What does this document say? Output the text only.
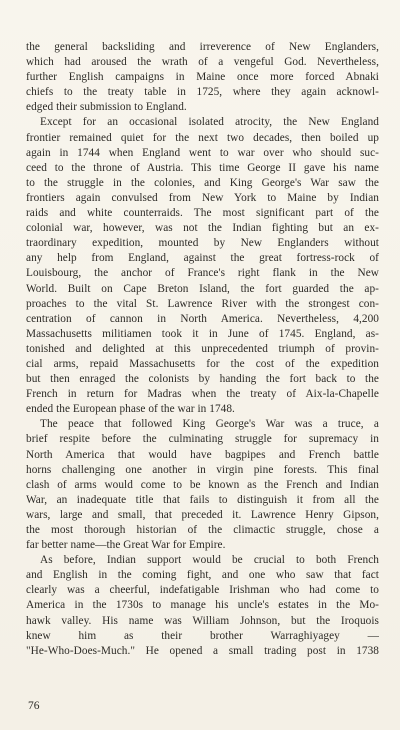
the general backsliding and irreverence of New Englanders,
which had aroused the wrath of a vengeful God. Nevertheless,
further English campaigns in Maine once more forced Abnaki
chiefs to the treaty table in 1725, where they again acknowl-
edged their submission to England.
Except for an occasional isolated atrocity, the New England
frontier remained quiet for the next two decades, then boiled up
again in 1744 when England went to war over who should suc-
ceed to the throne of Austria. This time George II gave his name
to the struggle in the colonies, and King George's War saw the
frontiers again convulsed from New York to Maine by Indian
raids and white counterraids. The most significant part of the
colonial war, however, was not the Indian fighting but an ex-
traordinary expedition, mounted by New Englanders without
any help from England, against the great fortress-rock of
Louisbourg, the anchor of France's right flank in the New
World. Built on Cape Breton Island, the fort guarded the ap-
proaches to the vital St. Lawrence River with the strongest con-
centration of cannon in North America. Nevertheless, 4,200
Massachusetts militiamen took it in June of 1745. England, as-
tonished and delighted at this unprecedented triumph of provin-
cial arms, repaid Massachusetts for the cost of the expedition
but then enraged the colonists by handing the fort back to the
French in return for Madras when the treaty of Aix-la-Chapelle
ended the European phase of the war in 1748.
The peace that followed King George's War was a truce, a
brief respite before the culminating struggle for supremacy in
North America that would have bagpipes and French battle
horns challenging one another in virgin pine forests. This final
clash of arms would come to be known as the French and Indian
War, an inadequate title that fails to distinguish it from all the
wars, large and small, that preceded it. Lawrence Henry Gipson,
the most thorough historian of the climactic struggle, chose a
far better name—the Great War for Empire.
As before, Indian support would be crucial to both French
and English in the coming fight, and one who saw that fact
clearly was a cheerful, indefatigable Irishman who had come to
America in the 1730s to manage his uncle's estates in the Mo-
hawk valley. His name was William Johnson, but the Iroquois
knew him as their brother Warraghiyagey —
"He-Who-Does-Much." He opened a small trading post in 1738
76
